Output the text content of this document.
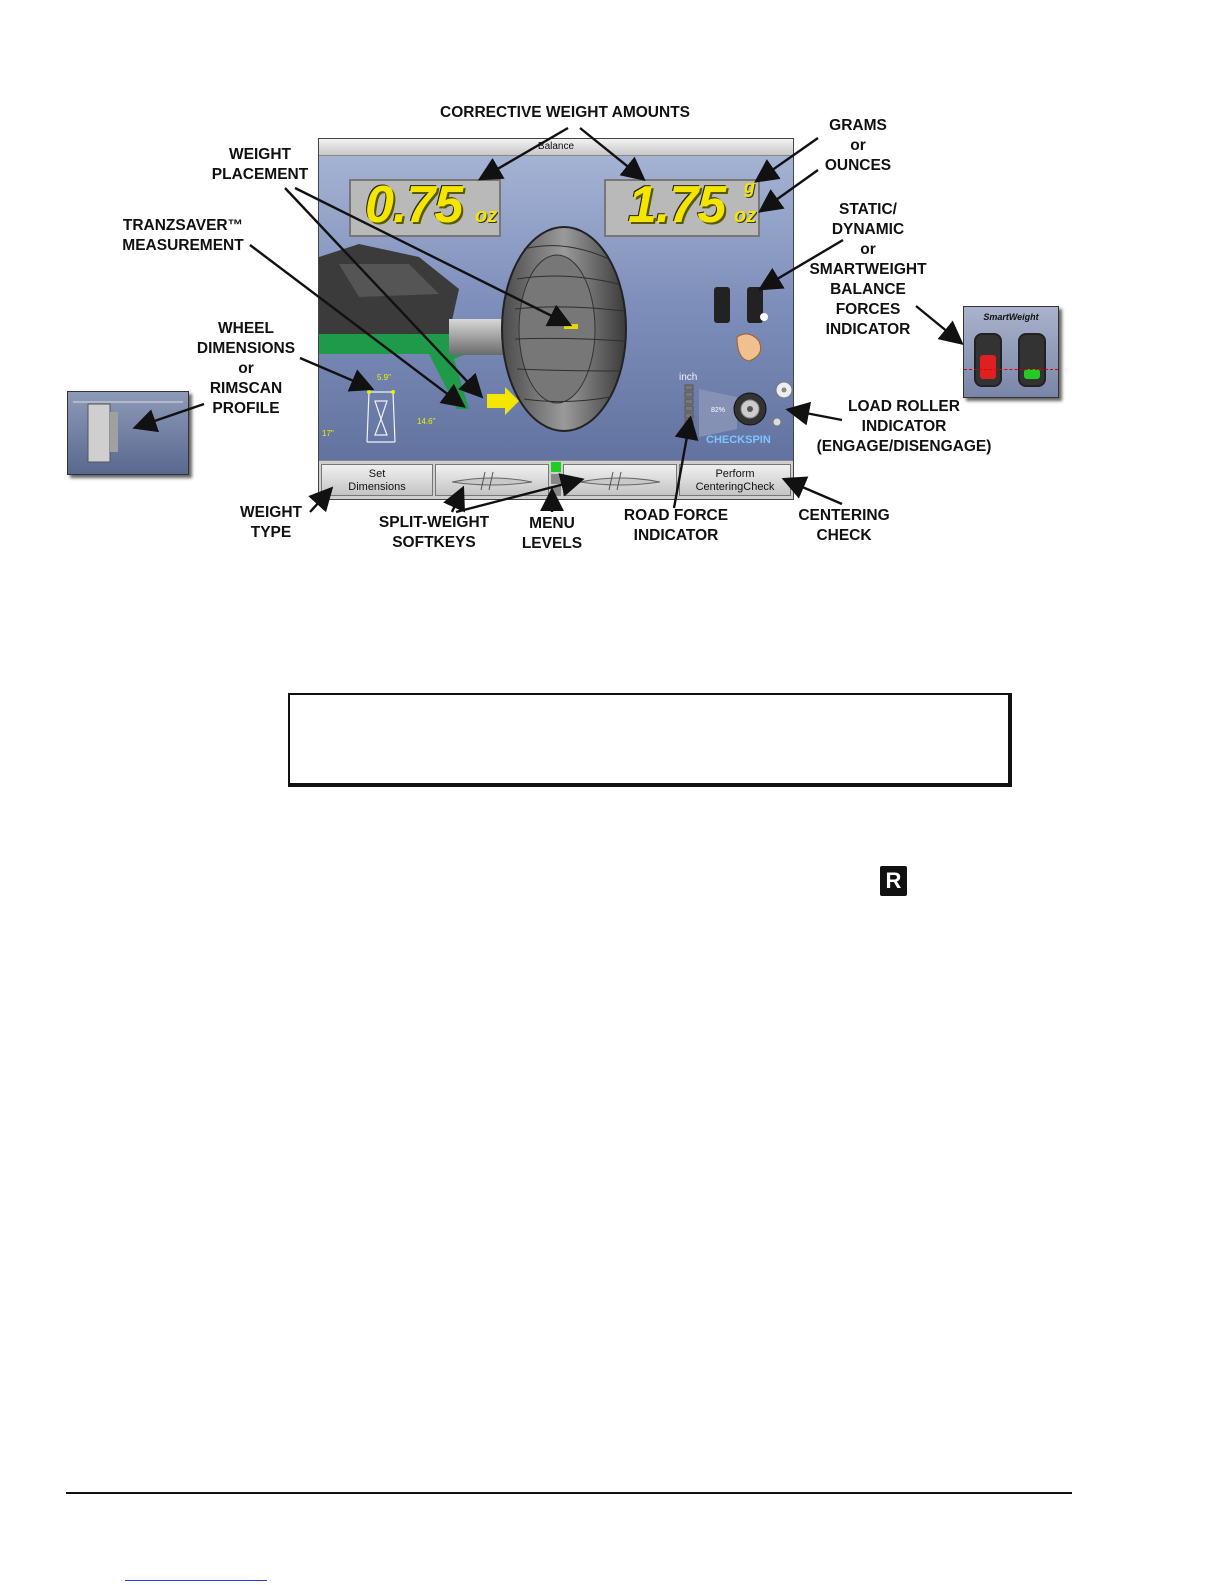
SmartWeight
Balance
0.75 oz	1.75 g
oz
5.9"
14.6"
17"
inch
82%
CHECKSPIN
Set
Dimensions
Perform
CenteringCheck
CORRECTIVE WEIGHT AMOUNTS
GRAMS
or
OUNCES
WEIGHT
PLACEMENT
TRANZSAVER™
MEASUREMENT
STATIC/
DYNAMIC
or
SMARTWEIGHT
BALANCE
FORCES
INDICATOR
WHEEL
DIMENSIONS
or
RIMSCAN
PROFILE	LOAD ROLLER
INDICATOR
(ENGAGE/DISENGAGE)
WEIGHT
TYPE
SPLIT-WEIGHT
SOFTKEYS
MENU
LEVELS
ROAD FORCE
INDICATOR
CENTERING
CHECK
R
